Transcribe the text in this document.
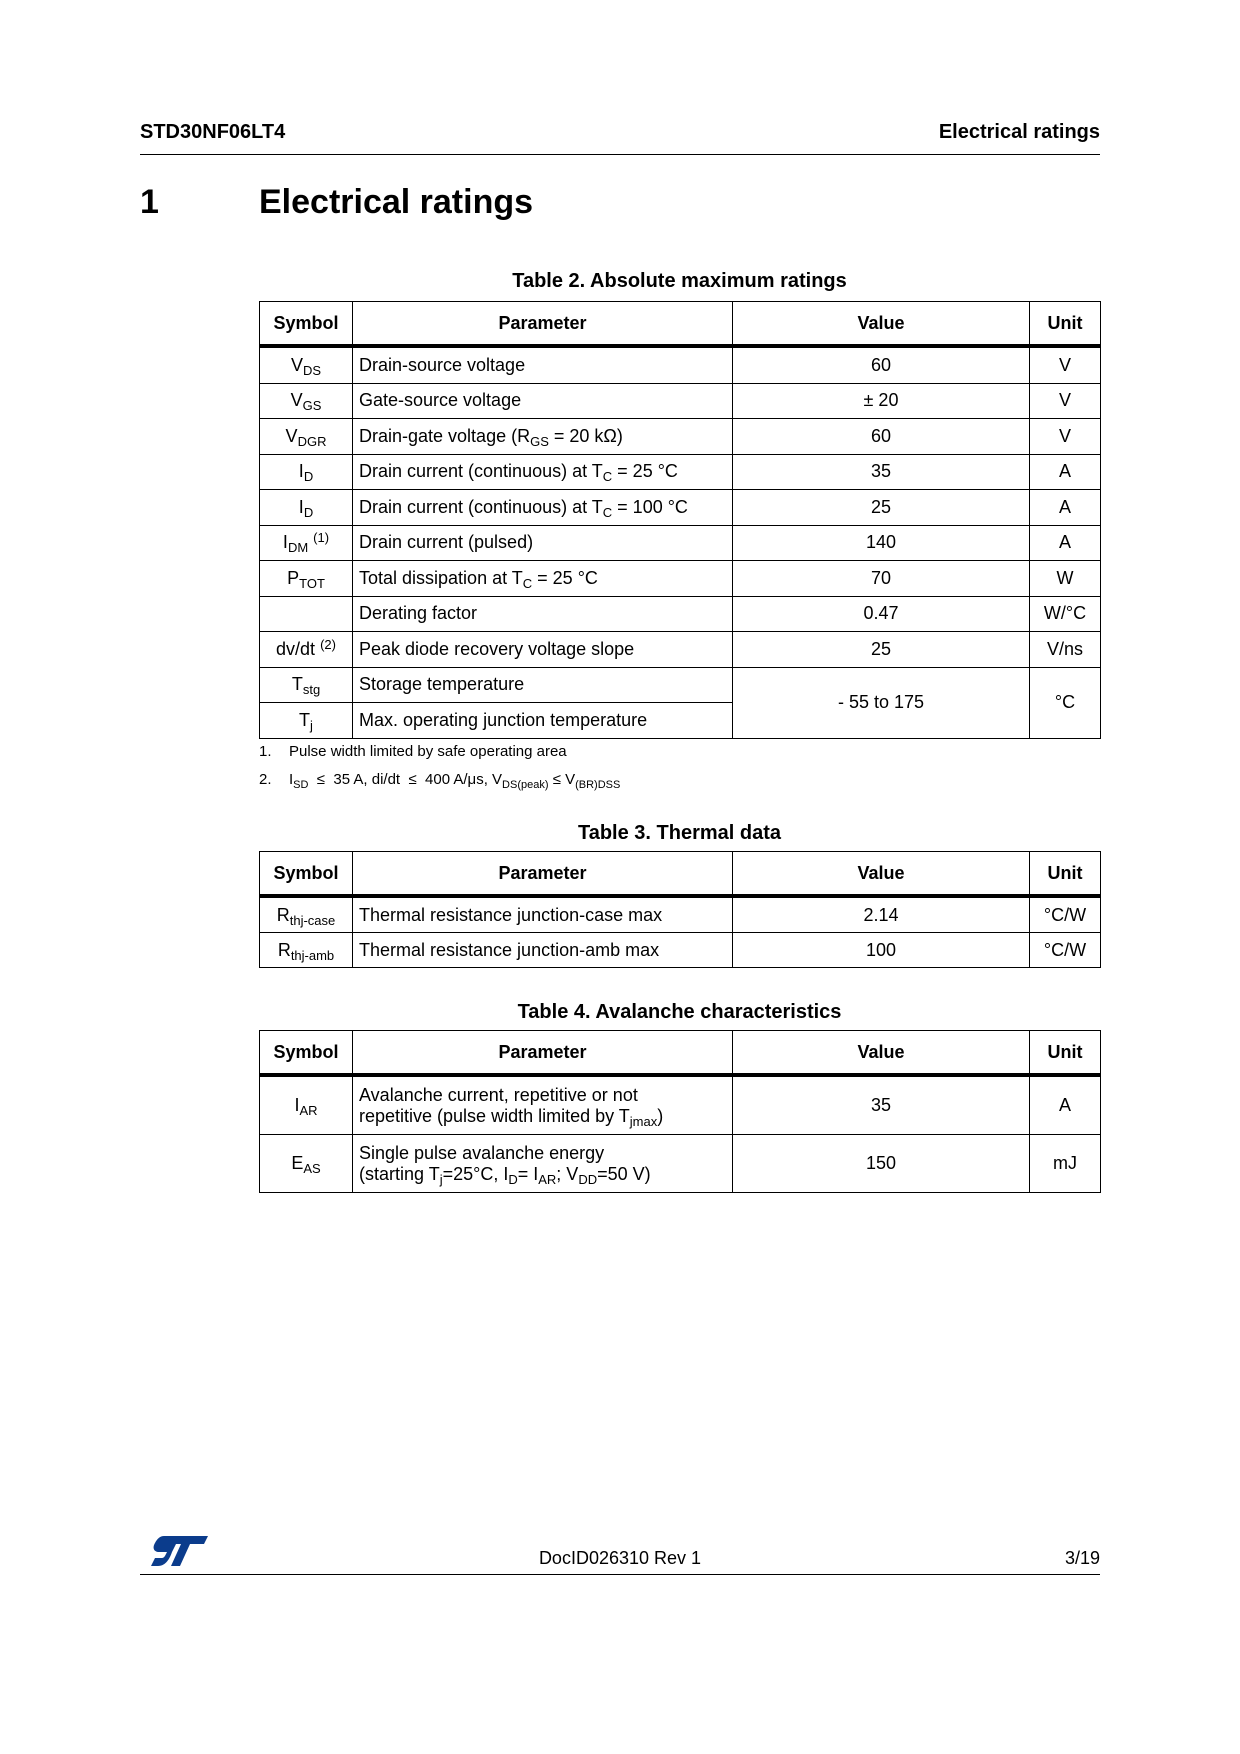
STD30NF06LT4	Electrical ratings
1	Electrical ratings
Table 2. Absolute maximum ratings
Symbol	Parameter	Value	Unit
$V_{DS}$	Drain-source voltage	60	V
$V_{GS}$	Gate-source voltage	± 20	V
$V_{DGR}$	Drain-gate voltage ($R_{GS} = 20$ kΩ)	60	V
$I_D$	Drain current (continuous) at $T_C = 25$ °C	35	A
$I_D$	Drain current (continuous) at $T_C = 100$ °C	25	A
$I_{DM}$ $^{(1)}$	Drain current (pulsed)	140	A
$P_{TOT}$	Total dissipation at $T_C = 25$ °C	70	W
	Derating factor	0.47	W/°C
dv/dt $^{(2)}$	Peak diode recovery voltage slope	25	V/ns
$T_{stg}$	Storage temperature	- 55 to 175	°C
$T_j$	Max. operating junction temperature		
1. Pulse width limited by safe operating area
2. $I_{SD} \le 35$ A, di/dt ≤ 400 A/μs, $V_{DS(peak)} \le V_{(BR)DSS}$
Table 3. Thermal data
Symbol	Parameter	Value	Unit
$R_{thj-case}$	Thermal resistance junction-case max	2.14	°C/W
$R_{thj-amb}$	Thermal resistance junction-amb max	100	°C/W
Table 4. Avalanche characteristics
Symbol	Parameter	Value	Unit
$I_{AR}$	Avalanche current, repetitive or not
repetitive (pulse width limited by $T_{jmax}$)	35	A
$E_{AS}$	Single pulse avalanche energy
(starting $T_j=25^\circ C$, $I_D= I_{AR}$; $V_{DD}=50$ V)	150	mJ
DocID026310 Rev 1	3/19
